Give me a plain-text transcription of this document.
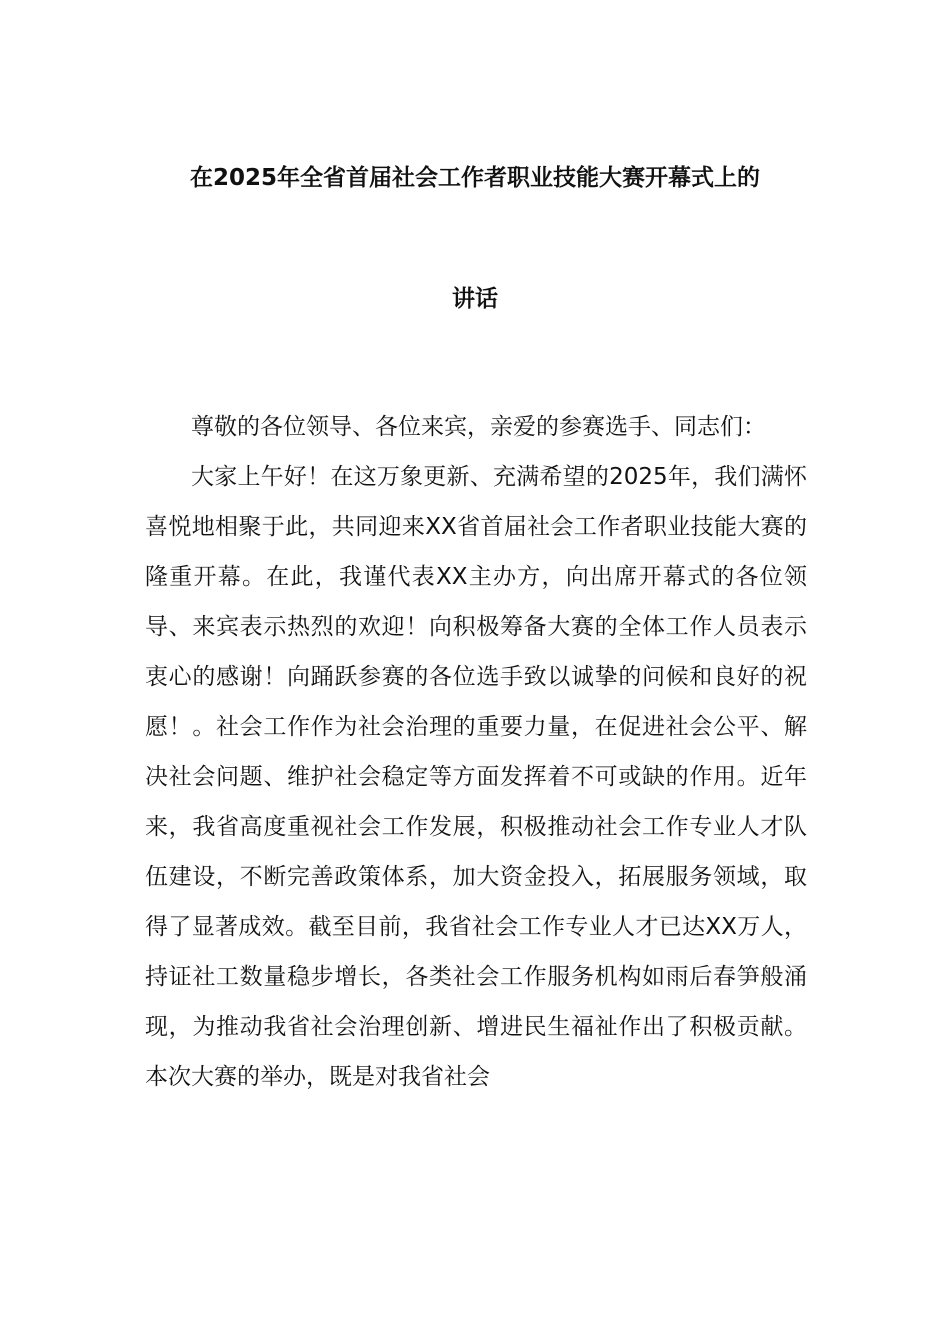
在2025年全省首届社会工作者职业技能大赛开幕式上的
讲话

尊敬的各位领导、各位来宾，亲爱的参赛选手、同志们：

大家上午好！在这万象更新、充满希望的2025年，我们满怀喜悦地相聚于此，共同迎来XX省首届社会工作者职业技能大赛的隆重开幕。在此，我谨代表XX主办方，向出席开幕式的各位领导、来宾表示热烈的欢迎！向积极筹备大赛的全体工作人员表示衷心的感谢！向踊跃参赛的各位选手致以诚挚的问候和良好的祝愿！。社会工作作为社会治理的重要力量，在促进社会公平、解决社会问题、维护社会稳定等方面发挥着不可或缺的作用。近年来，我省高度重视社会工作发展，积极推动社会工作专业人才队伍建设，不断完善政策体系，加大资金投入，拓展服务领域，取得了显著成效。截至目前，我省社会工作专业人才已达XX万人，持证社工数量稳步增长，各类社会工作服务机构如雨后春笋般涌现，为推动我省社会治理创新、增进民生福祉作出了积极贡献。本次大赛的举办，既是对我省社会
